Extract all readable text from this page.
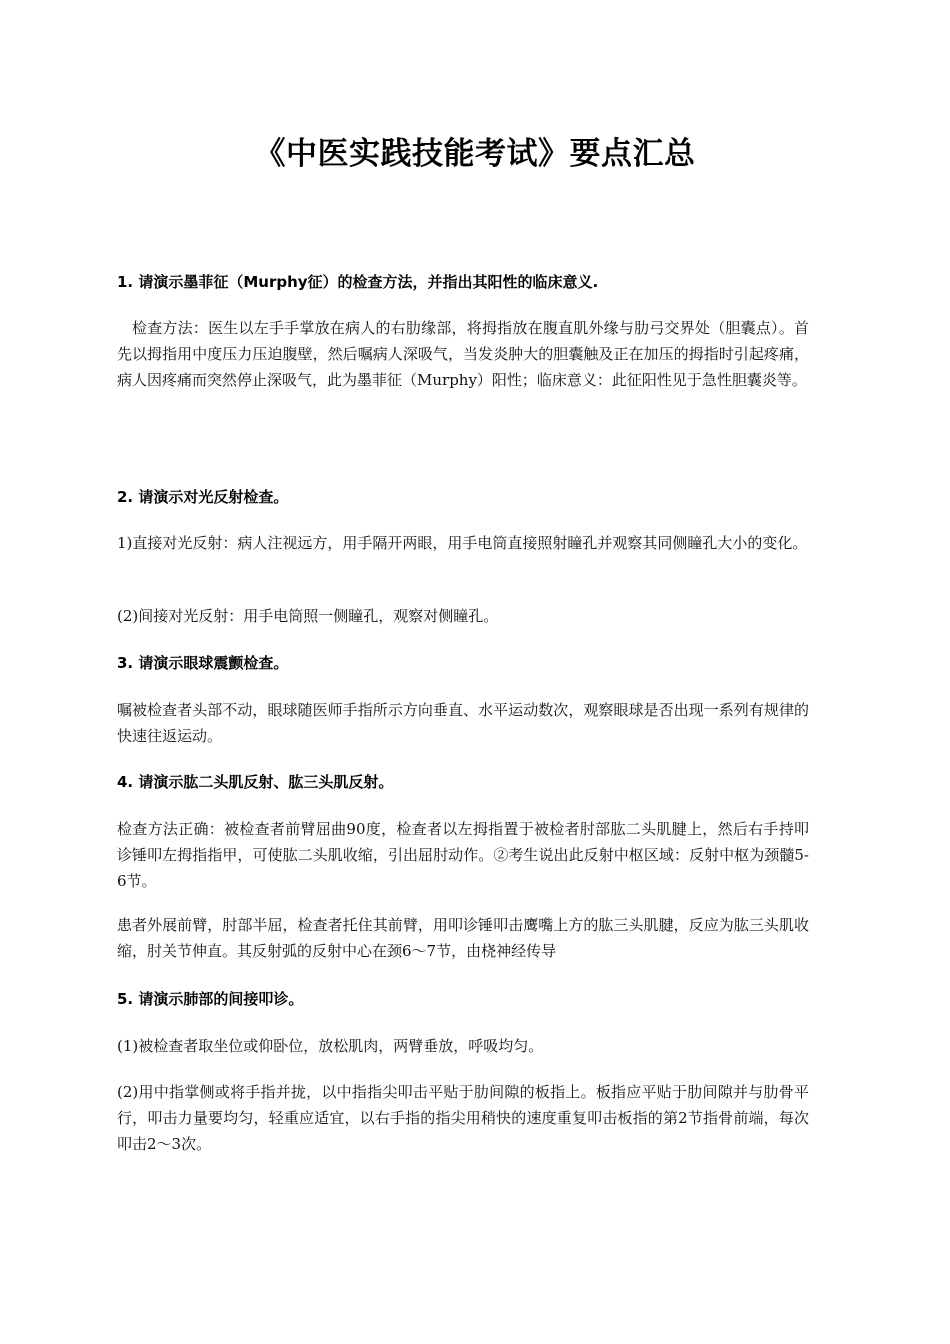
《中医实践技能考试》要点汇总
1. 请演示墨菲征（Murphy征）的检查方法，并指出其阳性的临床意义.

检查方法：医生以左手手掌放在病人的右肋缘部，将拇指放在腹直肌外缘与肋弓交界处（胆囊点）。首先以拇指用中度压力压迫腹壁，然后嘱病人深吸气，当发炎肿大的胆囊触及正在加压的拇指时引起疼痛，病人因疼痛而突然停止深吸气，此为墨菲征（Murphy）阳性；临床意义：此征阳性见于急性胆囊炎等。

2. 请演示对光反射检查。

1)直接对光反射：病人注视远方，用手隔开两眼，用手电筒直接照射瞳孔并观察其同侧瞳孔大小的变化。

(2)间接对光反射：用手电筒照一侧瞳孔，观察对侧瞳孔。

3. 请演示眼球震颤检查。

嘱被检查者头部不动，眼球随医师手指所示方向垂直、水平运动数次，观察眼球是否出现一系列有规律的快速往返运动。

4. 请演示肱二头肌反射、肱三头肌反射。

检查方法正确：被检查者前臂屈曲90度，检查者以左拇指置于被检者肘部肱二头肌腱上，然后右手持叩诊锤叩左拇指指甲，可使肱二头肌收缩，引出屈肘动作。②考生说出此反射中枢区域：反射中枢为颈髓5-6节。

患者外展前臂，肘部半屈，检查者托住其前臂，用叩诊锤叩击鹰嘴上方的肱三头肌腱，反应为肱三头肌收缩，肘关节伸直。其反射弧的反射中心在颈6～7节，由桡神经传导

5. 请演示肺部的间接叩诊。

(1)被检查者取坐位或仰卧位，放松肌肉，两臂垂放，呼吸均匀。

(2)用中指掌侧或将手指并拢，以中指指尖叩击平贴于肋间隙的板指上。板指应平贴于肋间隙并与肋骨平行，叩击力量要均匀，轻重应适宜，以右手指的指尖用稍快的速度重复叩击板指的第2节指骨前端，每次叩击2～3次。
